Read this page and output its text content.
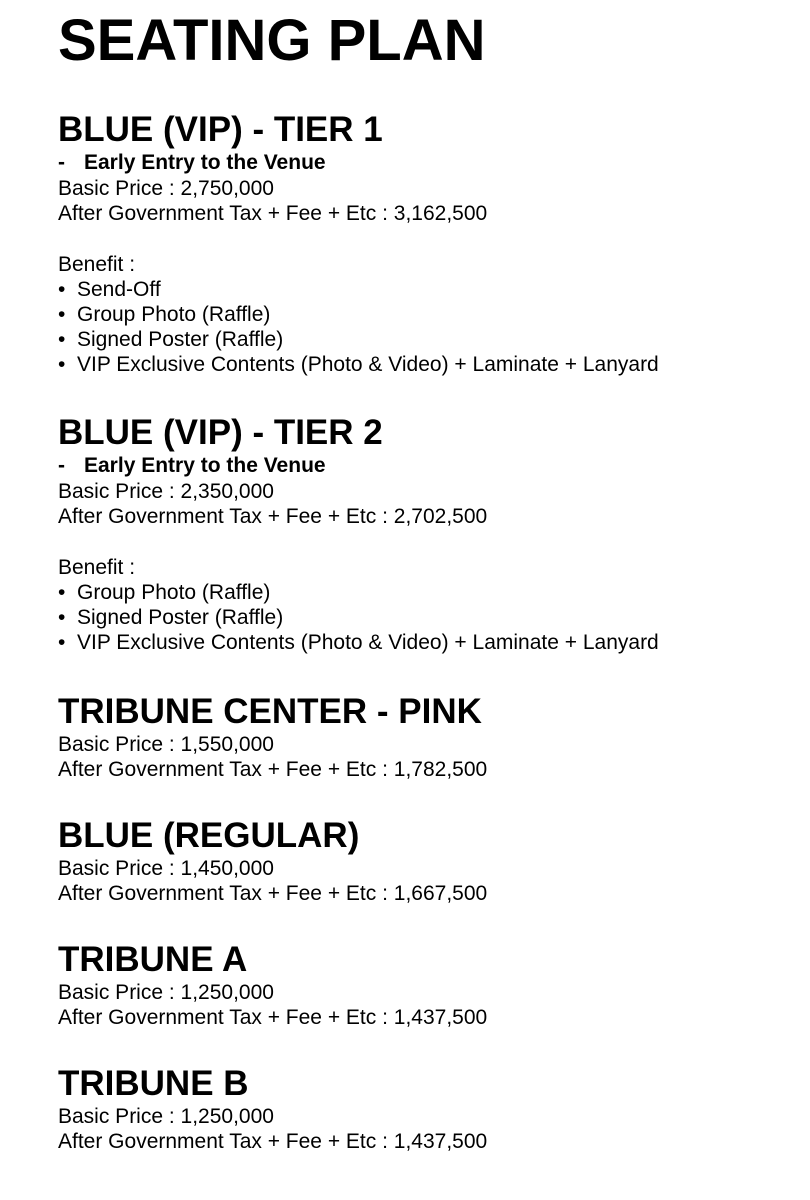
SEATING PLAN
BLUE (VIP) - TIER 1
- Early Entry to the Venue
Basic Price : 2,750,000
After Government Tax + Fee + Etc : 3,162,500
Benefit :
• Send-Off
• Group Photo (Raffle)
• Signed Poster (Raffle)
• VIP Exclusive Contents (Photo & Video) + Laminate + Lanyard
BLUE (VIP) - TIER 2
- Early Entry to the Venue
Basic Price : 2,350,000
After Government Tax + Fee + Etc : 2,702,500
Benefit :
• Group Photo (Raffle)
• Signed Poster (Raffle)
• VIP Exclusive Contents (Photo & Video) + Laminate + Lanyard
TRIBUNE CENTER - PINK
Basic Price : 1,550,000
After Government Tax + Fee + Etc : 1,782,500
BLUE (REGULAR)
Basic Price : 1,450,000
After Government Tax + Fee + Etc : 1,667,500
TRIBUNE A
Basic Price : 1,250,000
After Government Tax + Fee + Etc : 1,437,500
TRIBUNE B
Basic Price : 1,250,000
After Government Tax + Fee + Etc : 1,437,500
